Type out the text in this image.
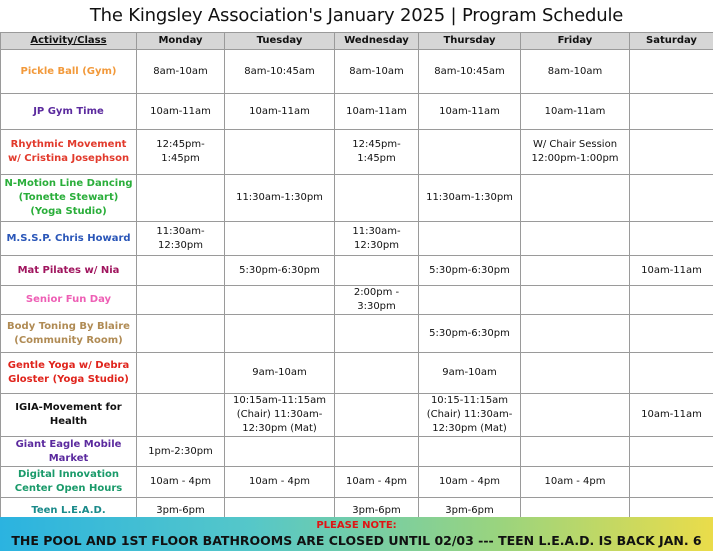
The Kingsley Association's January 2025 | Program Schedule
Activity/Class	Monday	Tuesday	Wednesday	Thursday	Friday	Saturday
Pickle Ball (Gym)	8am-10am	8am-10:45am	8am-10am	8am-10:45am	8am-10am	
JP Gym Time	10am-11am	10am-11am	10am-11am	10am-11am	10am-11am	
Rhythmic Movement w/ Cristina Josephson	12:45pm-1:45pm		12:45pm-1:45pm		W/ Chair Session 12:00pm-1:00pm	
N-Motion Line Dancing (Tonette Stewart) (Yoga Studio)		11:30am-1:30pm		11:30am-1:30pm		
M.S.S.P. Chris Howard	11:30am-12:30pm		11:30am-12:30pm			
Mat Pilates w/ Nia		5:30pm-6:30pm		5:30pm-6:30pm		10am-11am
Senior Fun Day			2:00pm - 3:30pm			
Body Toning By Blaire (Community Room)				5:30pm-6:30pm		
Gentle Yoga w/ Debra Gloster (Yoga Studio)		9am-10am		9am-10am		
IGIA-Movement for Health		10:15am-11:15am (Chair) 11:30am-12:30pm (Mat)		10:15-11:15am (Chair) 11:30am-12:30pm (Mat)		10am-11am
Giant Eagle Mobile Market	1pm-2:30pm					
Digital Innovation Center Open Hours	10am - 4pm	10am - 4pm	10am - 4pm	10am - 4pm	10am - 4pm	
Teen L.E.A.D.	3pm-6pm		3pm-6pm	3pm-6pm		
PLEASE NOTE:
THE POOL AND 1ST FLOOR BATHROOMS ARE CLOSED UNTIL 02/03 --- TEEN L.E.A.D. IS BACK JAN. 6
